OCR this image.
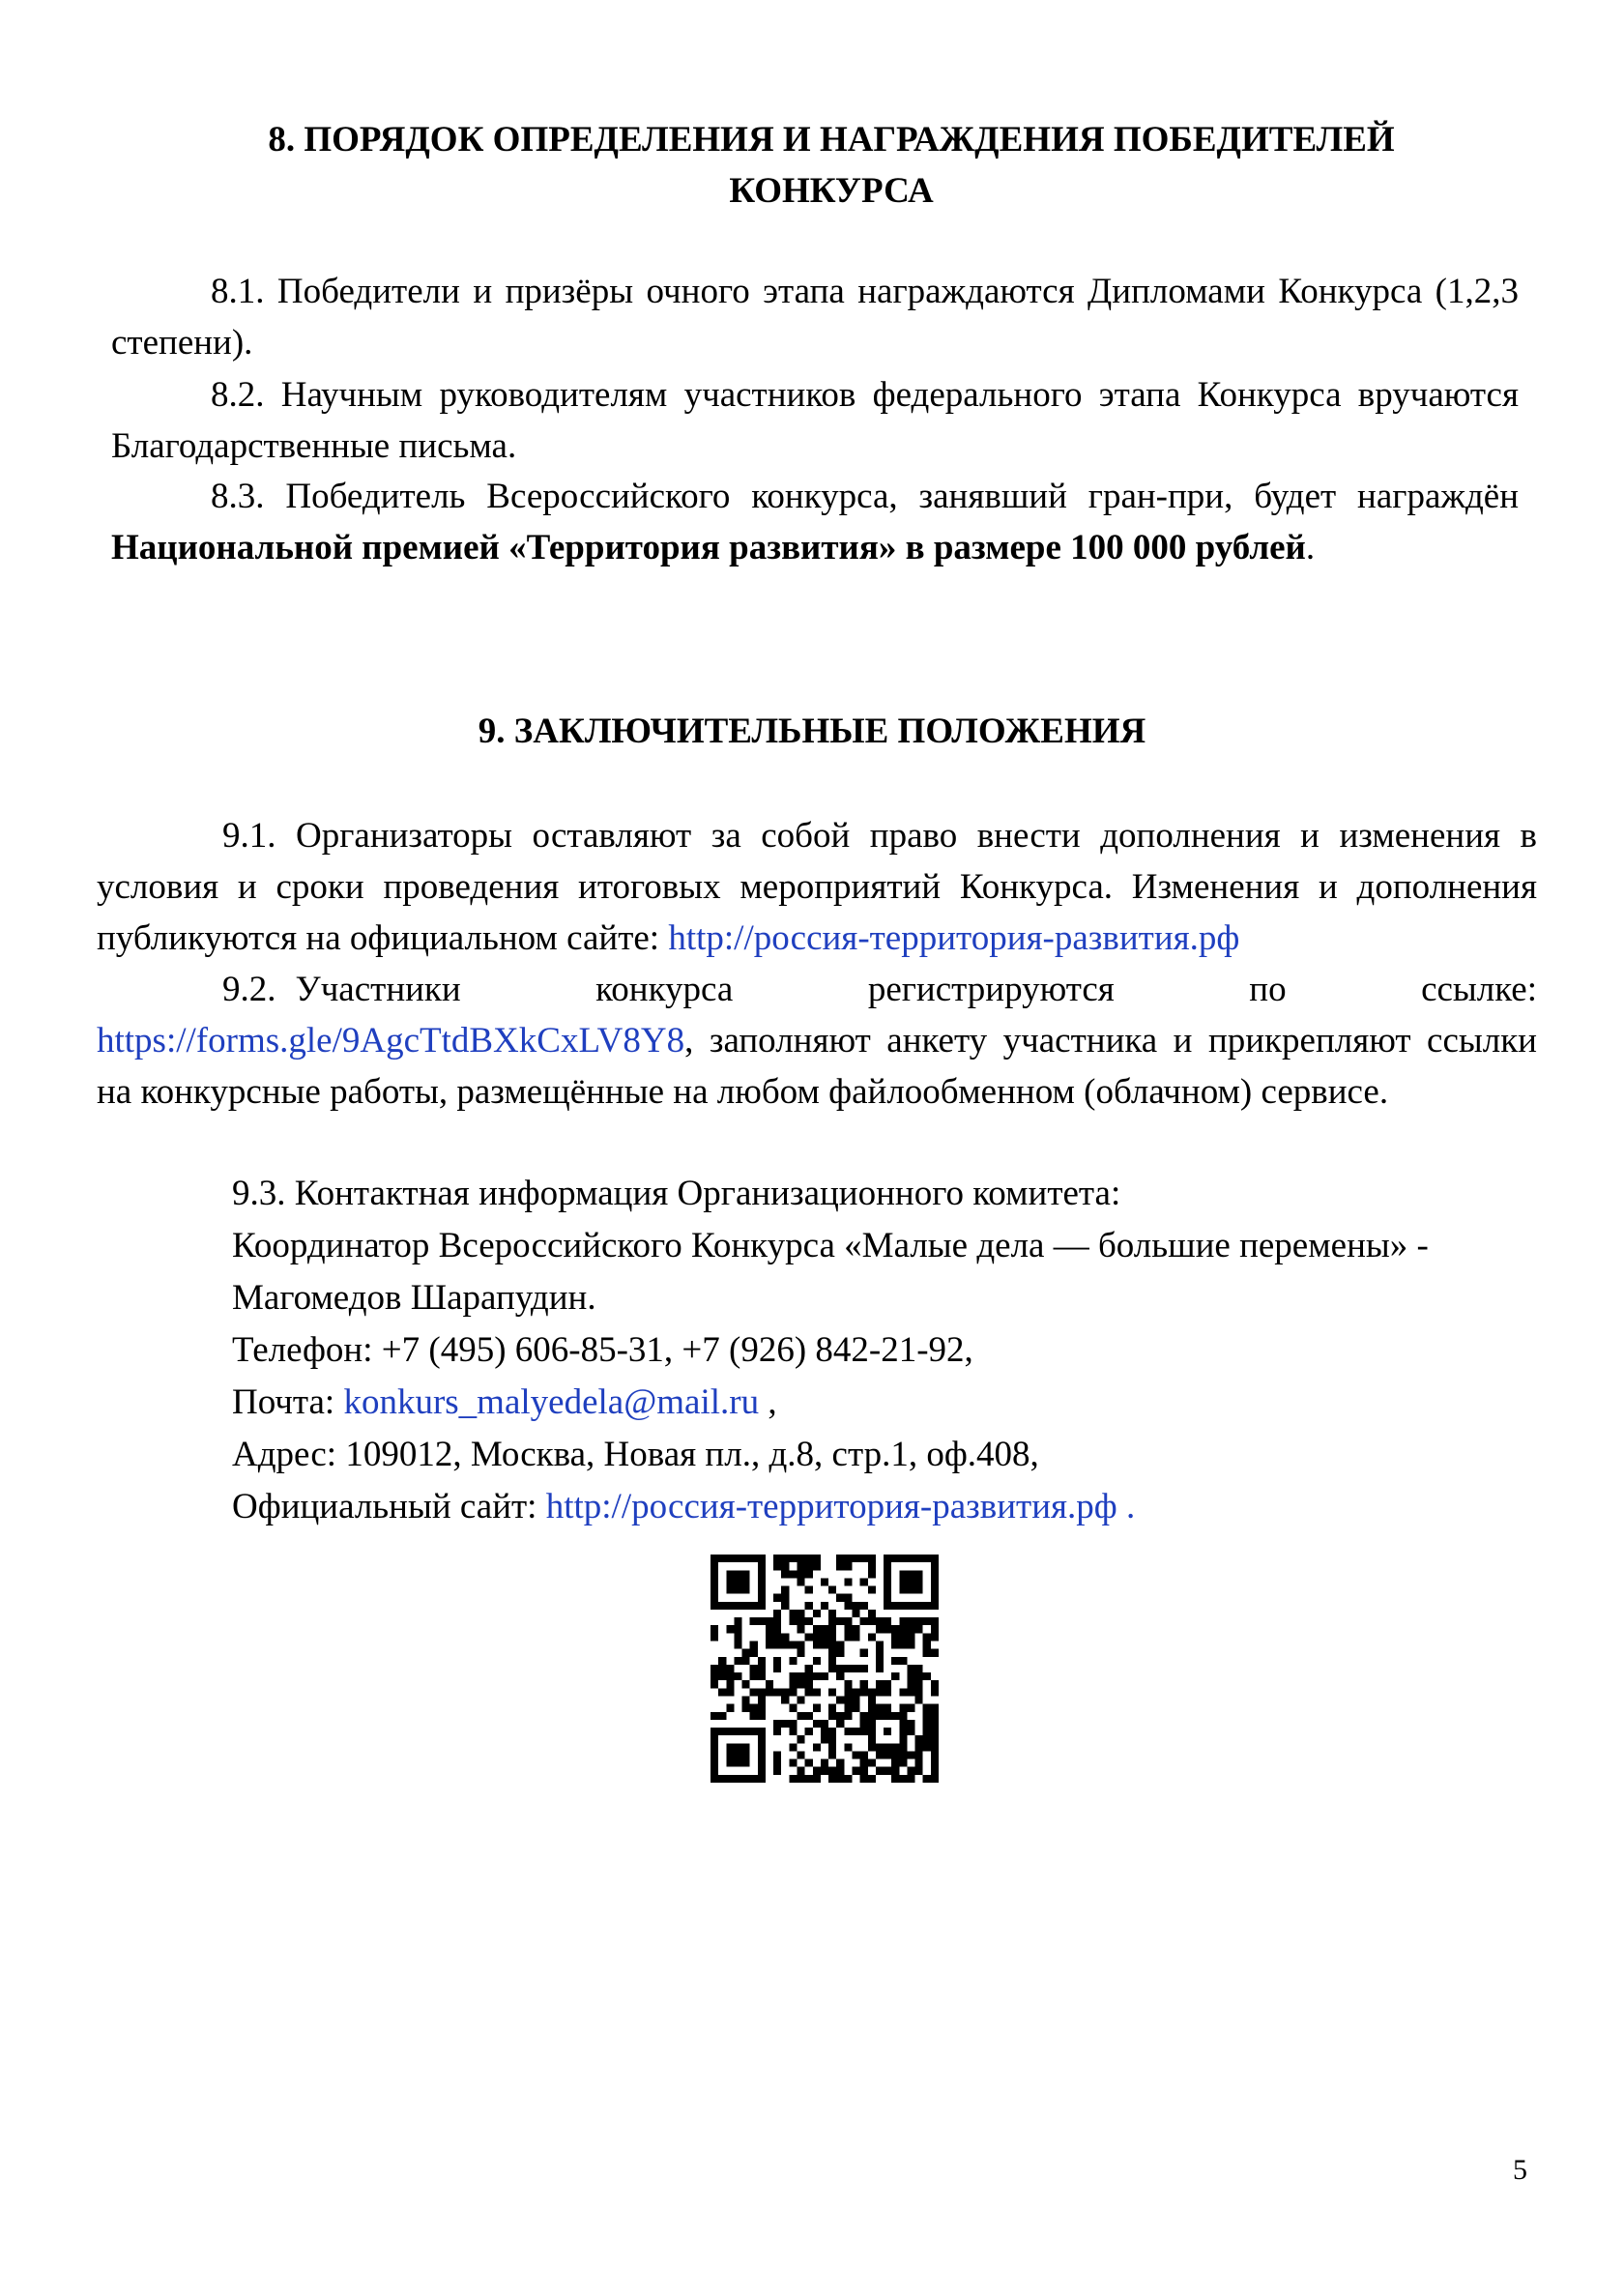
8. ПОРЯДОК ОПРЕДЕЛЕНИЯ И НАГРАЖДЕНИЯ ПОБЕДИТЕЛЕЙ КОНКУРСА

8.1. Победители и призёры очного этапа награждаются Дипломами Конкурса (1,2,3 степени).

8.2. Научным руководителям участников федерального этапа Конкурса вручаются Благодарственные письма.

8.3. Победитель Всероссийского конкурса, занявший гран-при, будет награждён Национальной премией «Территория развития» в размере 100 000 рублей.

9. ЗАКЛЮЧИТЕЛЬНЫЕ ПОЛОЖЕНИЯ

9.1. Организаторы оставляют за собой право внести дополнения и изменения в условия и сроки проведения итоговых мероприятий Конкурса. Изменения и дополнения публикуются на официальном сайте: http://россия-территория-развития.рф

9.2. Участники конкурса регистрируются по ссылке: https://forms.gle/9AgcTtdBXkCxLV8Y8, заполняют анкету участника и прикрепляют ссылки на конкурсные работы, размещённые на любом файлообменном (облачном) сервисе.

9.3. Контактная информация Организационного комитета:

Координатор Всероссийского Конкурса «Малые дела — большие перемены» -

Магомедов Шарапудин.

Телефон: +7 (495) 606-85-31, +7 (926) 842-21-92,

Почта: konkurs_malyedela@mail.ru ,

Адрес: 109012, Москва, Новая пл., д.8, стр.1, оф.408,

Официальный сайт: http://россия-территория-развития.рф .

5
